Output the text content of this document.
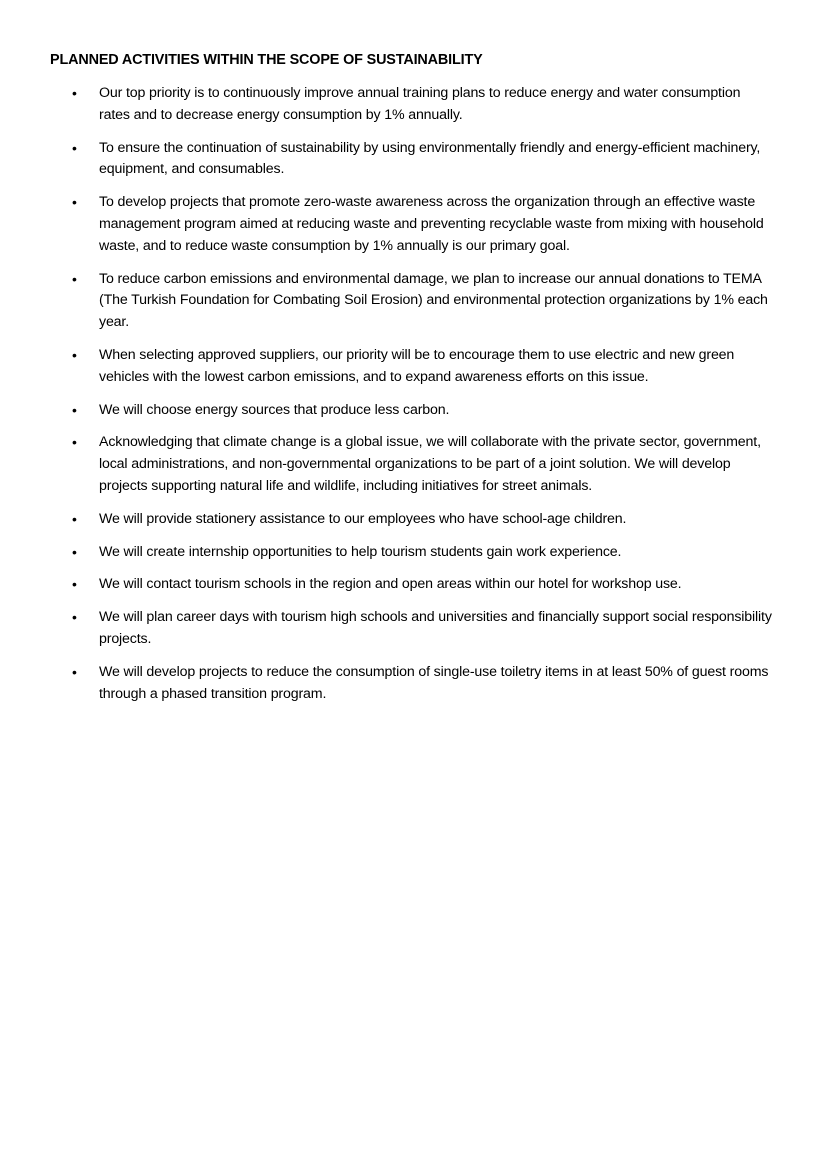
PLANNED ACTIVITIES WITHIN THE SCOPE OF SUSTAINABILITY
•	Our top priority is to continuously improve annual training plans to reduce energy and water consumption rates and to decrease energy consumption by 1% annually.
•	To ensure the continuation of sustainability by using environmentally friendly and energy-efficient machinery, equipment, and consumables.
•	To develop projects that promote zero-waste awareness across the organization through an effective waste management program aimed at reducing waste and preventing recyclable waste from mixing with household waste, and to reduce waste consumption by 1% annually is our primary goal.
•	To reduce carbon emissions and environmental damage, we plan to increase our annual donations to TEMA (The Turkish Foundation for Combating Soil Erosion) and environmental protection organizations by 1% each year.
•	When selecting approved suppliers, our priority will be to encourage them to use electric and new green vehicles with the lowest carbon emissions, and to expand awareness efforts on this issue.
•	We will choose energy sources that produce less carbon.
•	Acknowledging that climate change is a global issue, we will collaborate with the private sector, government, local administrations, and non-governmental organizations to be part of a joint solution. We will develop projects supporting natural life and wildlife, including initiatives for street animals.
•	We will provide stationery assistance to our employees who have school-age children.
•	We will create internship opportunities to help tourism students gain work experience.
•	We will contact tourism schools in the region and open areas within our hotel for workshop use.
•	We will plan career days with tourism high schools and universities and financially support social responsibility projects.
•	We will develop projects to reduce the consumption of single-use toiletry items in at least 50% of guest rooms through a phased transition program.
